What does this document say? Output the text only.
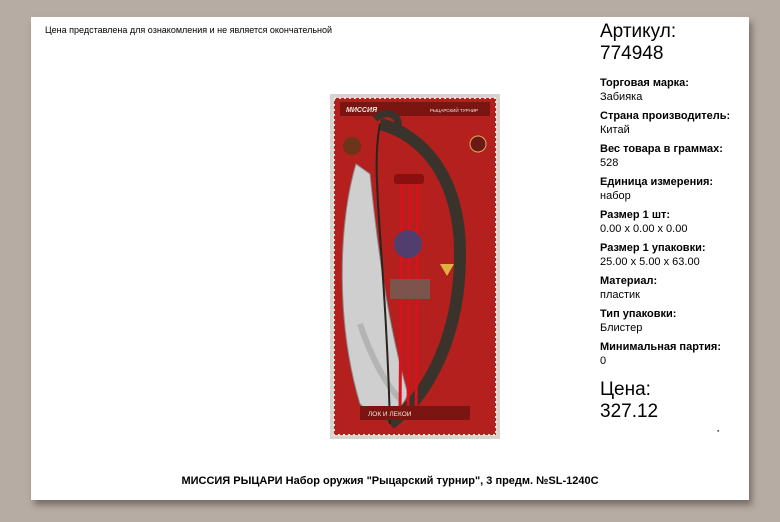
Цена представлена для ознакомления и не является окончательной
МИССИЯ	РЫЦАРСКИЙ ТУРНИР
ЛОК И ЛЕКОИ
Артикул:
774948
Торговая марка:
Забияка
Страна производитель:
Китай
Вес товара в граммах:
528
Единица измерения:
набор
Размер 1 шт:
0.00 x 0.00 x 0.00
Размер 1 упаковки:
25.00 x 5.00 x 63.00
Материал:
пластик
Тип упаковки:
Блистер
Минимальная партия:
0
Цена:
327.12
▪
МИССИЯ РЫЦАРИ Набор оружия "Рыцарский турнир", 3 предм. №SL-1240C
